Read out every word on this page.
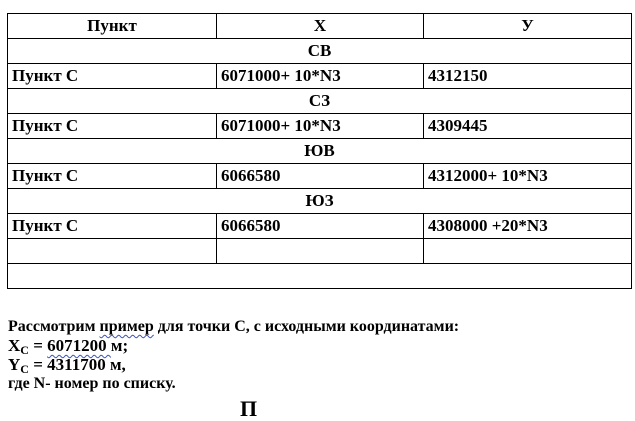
Пункт	X	У
СВ		
Пункт С	6071000+ 10*N3	4312150
СЗ		
Пункт С	6071000+ 10*N3	4309445
ЮВ		
Пункт С	6066580	4312000+ 10*N3
ЮЗ		
Пункт С	6066580	4308000 +20*N3

Рассмотрим пример для точки С, с исходными координатами:
$X_C = 6071200$ м;
$Y_C = 4311700$ м,
где N- номер по списку.
П
